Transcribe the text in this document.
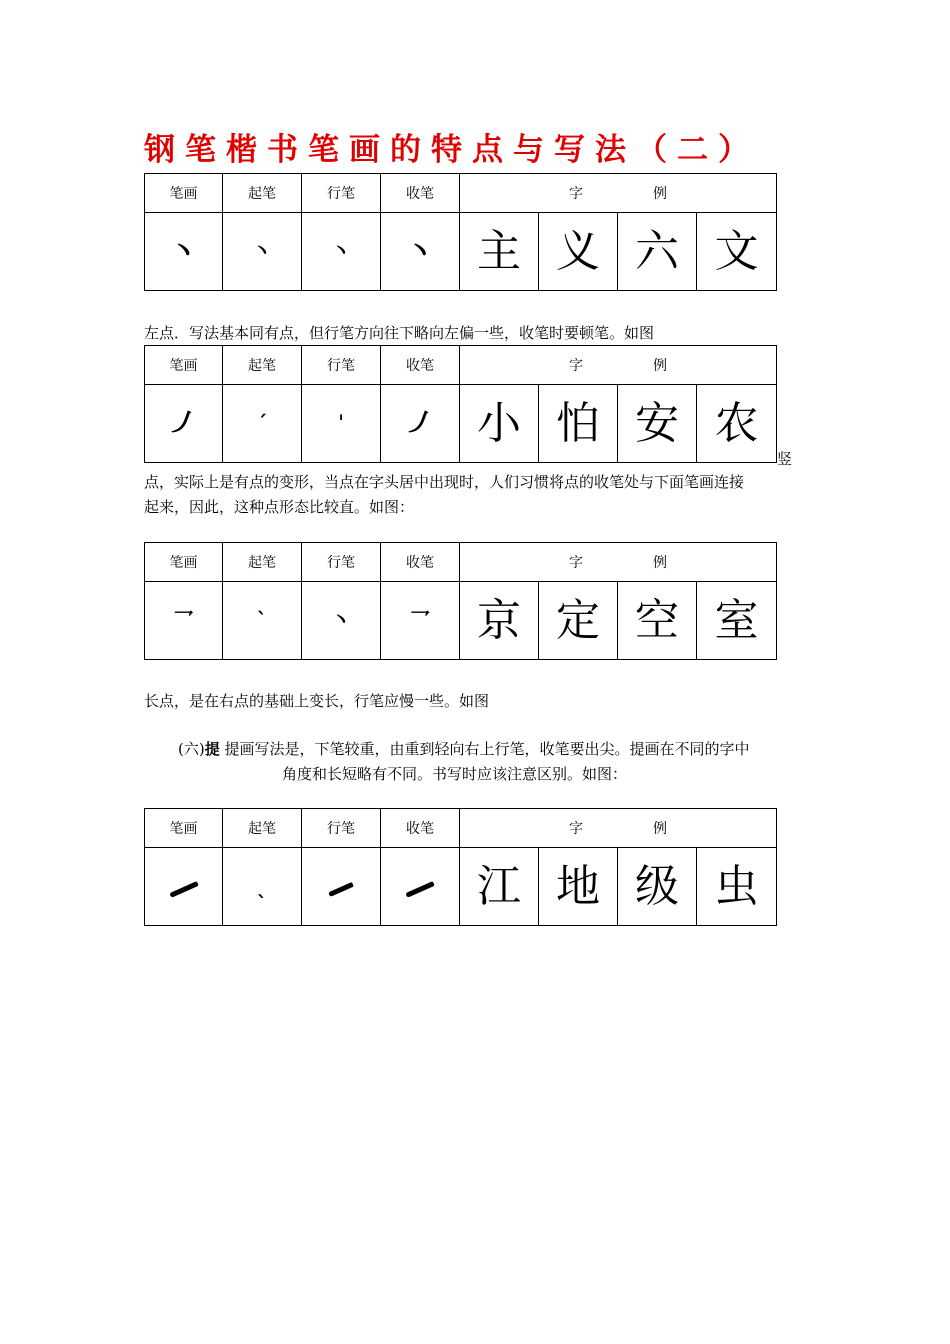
钢笔楷书笔画的特点与写法（二）
笔画	起笔	行笔	收笔	字 例			

丶	丶	丶	丶	主	义	六	文
左点．写法基本同有点，但行笔方向往下略向左偏一些，收笔时要顿笔。如图
笔画	起笔	行笔	收笔	字 例			

丿	ˊ	ˈ	丿	小	怕	安	农
竖
点，实际上是有点的变形，当点在字头居中出现时，人们习惯将点的收笔处与下面笔画连接
起来，因此，这种点形态比较直。如图：
笔画	起笔	行笔	收笔	字 例			

乛	ˋ	丶	乛	京	定	空	室
长点，是在右点的基础上变长，行笔应慢一些。如图
(六)提 提画写法是，下笔较重，由重到轻向右上行笔，收笔要出尖。提画在不同的字中
角度和长短略有不同。书写时应该注意区别。如图：
笔画	起笔	行笔	收笔	字 例			

	ˎ			江	地	级	虫
